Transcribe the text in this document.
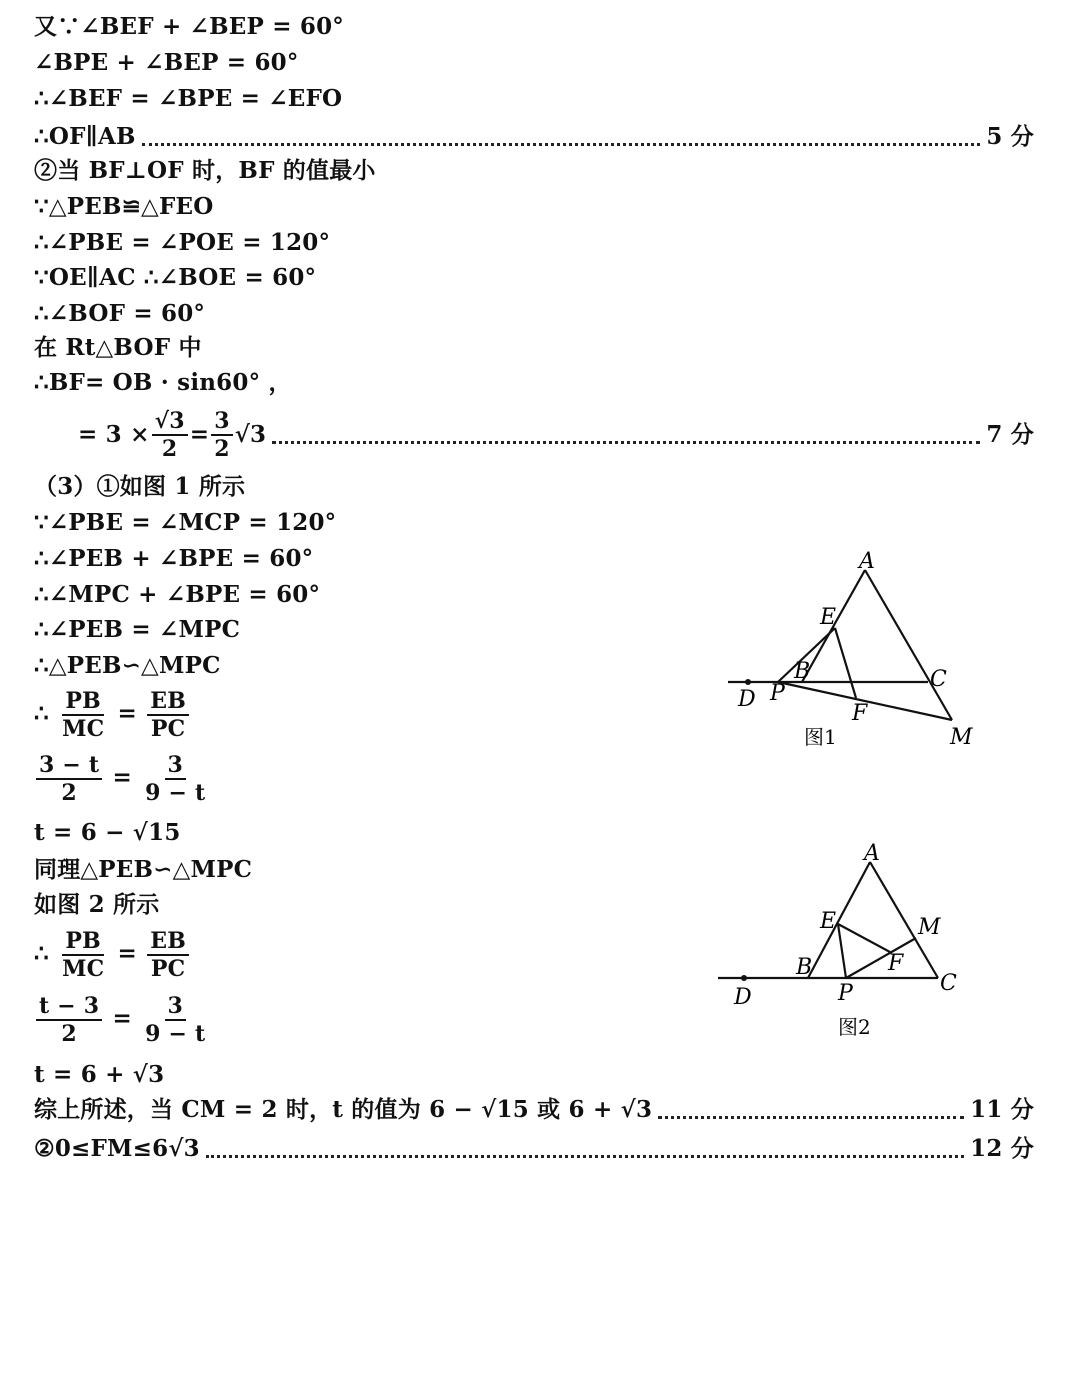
又∵∠BEF + ∠BEP = 60°
∠BPE + ∠BEP = 60°
∴∠BEF = ∠BPE = ∠EFO
∴OF∥AB	5 分
②当 BF⊥OF 时，BF 的值最小
∵△PEB≌△FEO
∴∠PBE = ∠POE = 120°
∵OE∥AC ∴∠BOE = 60°
∴∠BOF = 60°
在 Rt△BOF 中
∴BF= OB · sin60° ，
= $3 \times \frac{√3}{2} = \frac{3}{2} √3$	7 分
（3）①如图 1 所示
∵∠PBE = ∠MCP = 120°
∴∠PEB + ∠BPE = 60°
∴∠MPC + ∠BPE = 60°
∴∠PEB = ∠MPC
∴△PEB∽△MPC
∴ $\frac{PB}{MC} = \frac{EB}{PC}$
$\frac{3 - t}{2} = \frac{3}{9 - t}$
t = 6 − √15
同理△PEB∽△MPC
如图 2 所示
∴ $\frac{PB}{MC} = \frac{EB}{PC}$
$\frac{t - 3}{2} = \frac{3}{9 - t}$
t = 6 + √3
综上所述，当 CM = 2 时，t 的值为 6 − √15 或 6 + √3	11 分
②0≤FM≤6√3	12 分
A
E
B	C
D P
F
M
图1
A
E	M
F
B
C
D	P
图2
